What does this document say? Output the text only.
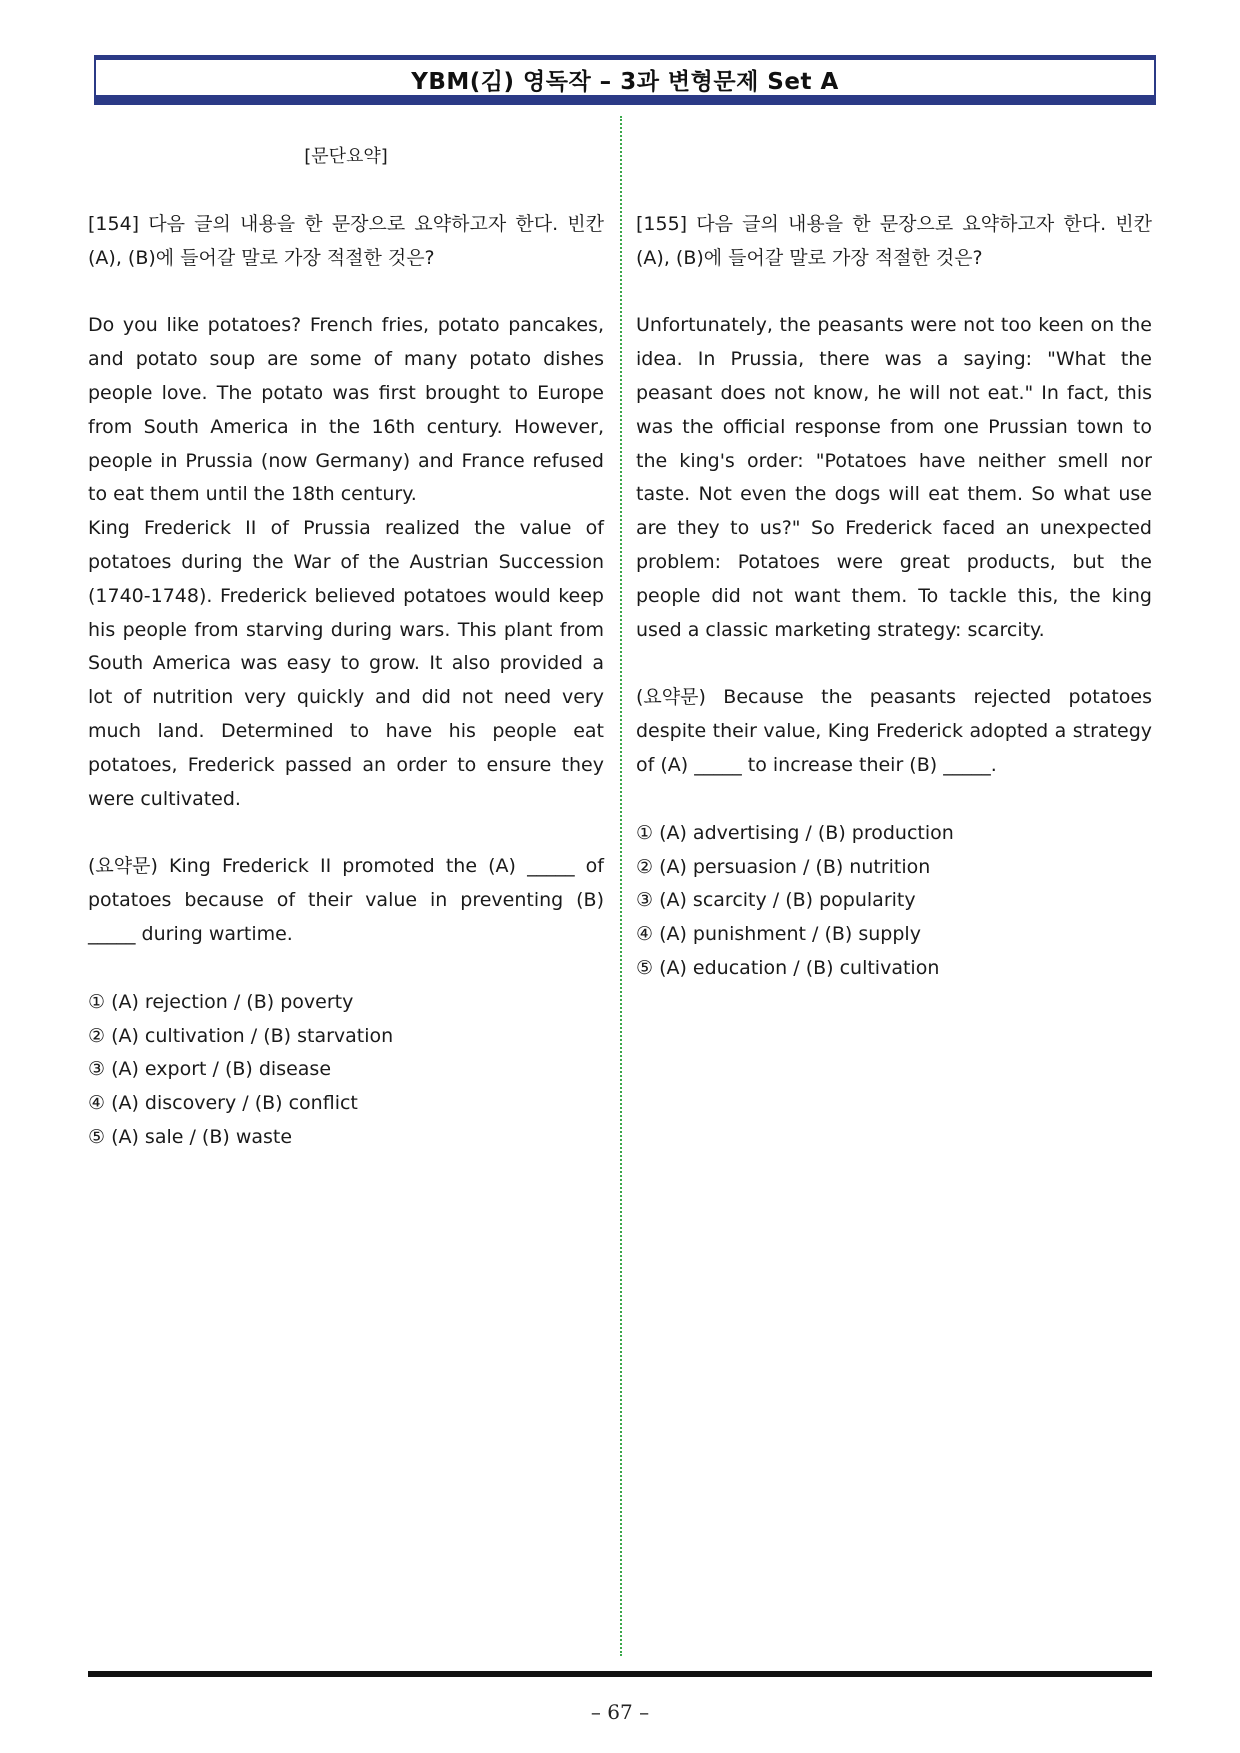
YBM(김) 영독작 – 3과 변형문제 Set A
[문단요약]
[154] 다음 글의 내용을 한 문장으로 요약하고자 한다. 빈칸 (A), (B)에 들어갈 말로 가장 적절한 것은?

Do you like potatoes? French fries, potato pancakes, and potato soup are some of many potato dishes people love. The potato was first brought to Europe from South America in the 16th century. However, people in Prussia (now Germany) and France refused to eat them until the 18th century.

King Frederick II of Prussia realized the value of potatoes during the War of the Austrian Succession (1740-1748). Frederick believed potatoes would keep his people from starving during wars. This plant from South America was easy to grow. It also provided a lot of nutrition very quickly and did not need very much land. Determined to have his people eat potatoes, Frederick passed an order to ensure they were cultivated.

(요약문) King Frederick II promoted the (A) _____ of potatoes because of their value in preventing (B) _____ during wartime.
① (A) rejection / (B) poverty
② (A) cultivation / (B) starvation
③ (A) export / (B) disease
④ (A) discovery / (B) conflict
⑤ (A) sale / (B) waste
[155] 다음 글의 내용을 한 문장으로 요약하고자 한다. 빈칸 (A), (B)에 들어갈 말로 가장 적절한 것은?

Unfortunately, the peasants were not too keen on the idea. In Prussia, there was a saying: "What the peasant does not know, he will not eat." In fact, this was the official response from one Prussian town to the king's order: "Potatoes have neither smell nor taste. Not even the dogs will eat them. So what use are they to us?" So Frederick faced an unexpected problem: Potatoes were great products, but the people did not want them. To tackle this, the king used a classic marketing strategy: scarcity.

(요약문) Because the peasants rejected potatoes despite their value, King Frederick adopted a strategy of (A) _____ to increase their (B) _____.
① (A) advertising / (B) production
② (A) persuasion / (B) nutrition
③ (A) scarcity / (B) popularity
④ (A) punishment / (B) supply
⑤ (A) education / (B) cultivation
– 67 –
